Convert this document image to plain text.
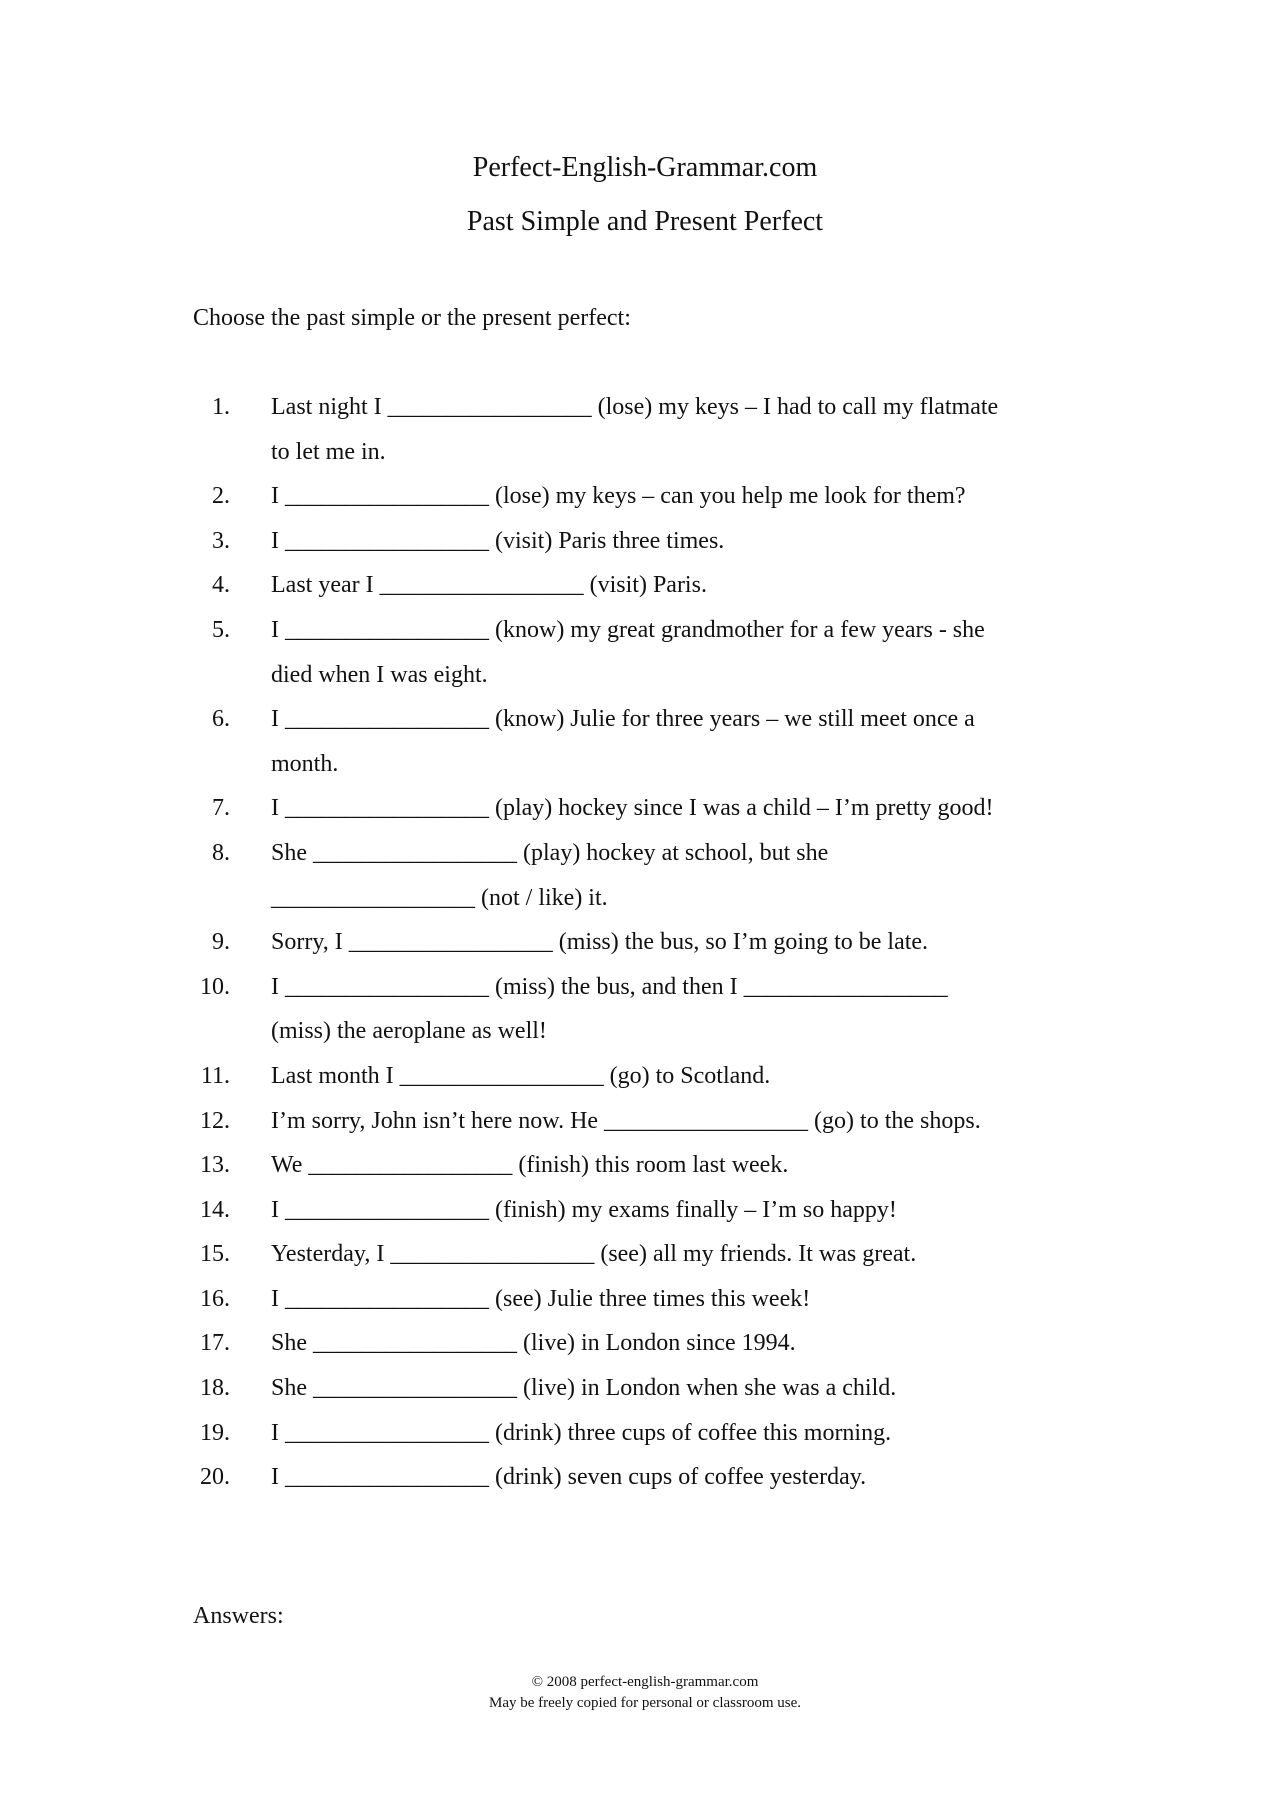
Perfect-English-Grammar.com
Past Simple and Present Perfect
Choose the past simple or the present perfect:
1. Last night I _________________ (lose) my keys – I had to call my flatmate
to let me in.
2. I _________________ (lose) my keys – can you help me look for them?
3. I _________________ (visit) Paris three times.
4. Last year I _________________ (visit) Paris.
5. I _________________ (know) my great grandmother for a few years - she
died when I was eight.
6. I _________________ (know) Julie for three years – we still meet once a
month.
7. I _________________ (play) hockey since I was a child – I’m pretty good!
8. She _________________ (play) hockey at school, but she
_________________ (not / like) it.
9. Sorry, I _________________ (miss) the bus, so I’m going to be late.
10. I _________________ (miss) the bus, and then I _________________
(miss) the aeroplane as well!
11. Last month I _________________ (go) to Scotland.
12. I’m sorry, John isn’t here now. He _________________ (go) to the shops.
13. We _________________ (finish) this room last week.
14. I _________________ (finish) my exams finally – I’m so happy!
15. Yesterday, I _________________ (see) all my friends. It was great.
16. I _________________ (see) Julie three times this week!
17. She _________________ (live) in London since 1994.
18. She _________________ (live) in London when she was a child.
19. I _________________ (drink) three cups of coffee this morning.
20. I _________________ (drink) seven cups of coffee yesterday.
Answers:
© 2008 perfect-english-grammar.com
May be freely copied for personal or classroom use.
